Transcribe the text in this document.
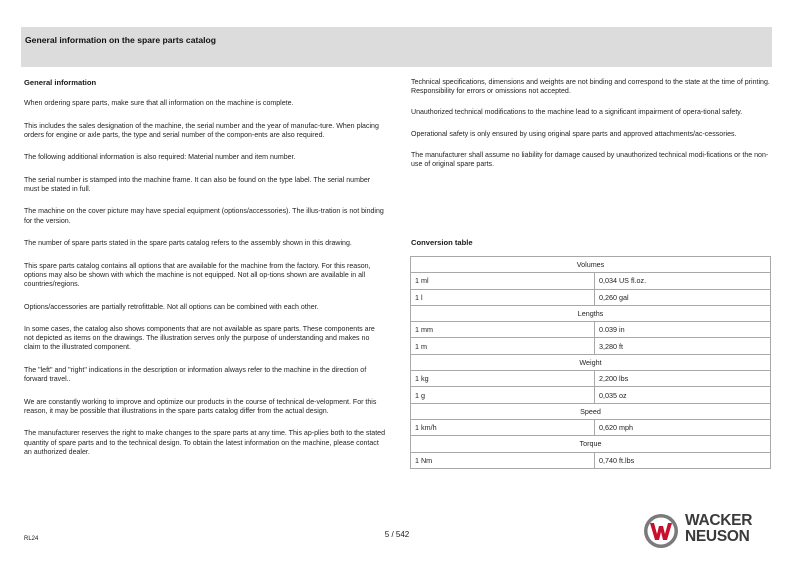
General information on the spare parts catalog
General information

When ordering spare parts, make sure that all information on the machine is complete.

This includes the sales designation of the machine, the serial number and the year of manufac-ture. When placing orders for engine or axle parts, the type and serial number of the compon-ents are also required.

The following additional information is also required: Material number and item number.

The serial number is stamped into the machine frame. It can also be found on the type label. The serial number must be stated in full.

The machine on the cover picture may have special equipment (options/accessories). The illus-tration is not binding for the version.

The number of spare parts stated in the spare parts catalog refers to the assembly shown in this drawing.

This spare parts catalog contains all options that are available for the machine from the factory. For this reason, options may also be shown with which the machine is not equipped. Not all op-tions shown are available in all countries/regions.

Options/accessories are partially retrofittable. Not all options can be combined with each other.

In some cases, the catalog also shows components that are not available as spare parts. These components are not depicted as items on the drawings. The illustration serves only the purpose of understanding and makes no claim to the illustrated component.

The "left" and "right" indications in the description or information always refer to the machine in the direction of forward travel..

We are constantly working to improve and optimize our products in the course of technical de-velopment. For this reason, it may be possible that illustrations in the spare parts catalog differ from the actual design.

The manufacturer reserves the right to make changes to the spare parts at any time. This ap-plies both to the stated quantity of spare parts and to the technical design. To obtain the latest information on the machine, please contact an authorized dealer.

Technical specifications, dimensions and weights are not binding and correspond to the state at the time of printing. Responsibility for errors or omissions not accepted.

Unauthorized technical modifications to the machine lead to a significant impairment of opera-tional safety.

Operational safety is only ensured by using original spare parts and approved attachments/ac-cessories.

The manufacturer shall assume no liability for damage caused by unauthorized technical modi-fications or the non-use of original spare parts.

Conversion table
Volumes	
1 ml	0,034 US fl.oz.
1 l	0,260 gal
Lengths	
1 mm	0.039 in
1 m	3,280 ft
Weight	
1 kg	2,200 lbs
1 g	0,035 oz
Speed	
1 km/h	0,620 mph
Torque	
1 Nm	0,740 ft.lbs
RL24	5 / 542
WACKER
NEUSON
